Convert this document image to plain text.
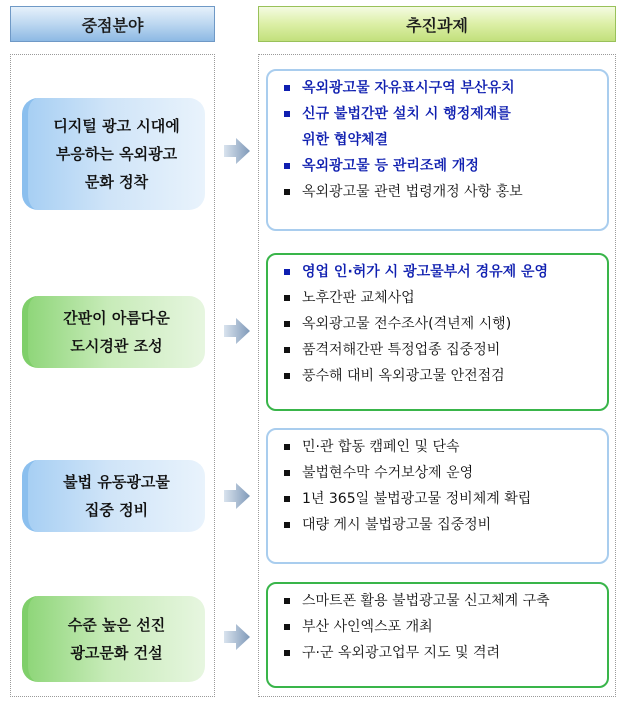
중점분야	추진과제
디지털 광고 시대에
부응하는 옥외광고
문화 정착
옥외광고물 자유표시구역 부산유치
신규 불법간판 설치 시 행정제재를
위한 협약체결
옥외광고물 등 관리조례 개정
옥외광고물 관련 법령개정 사항 홍보
간판이 아름다운
도시경관 조성
영업 인·허가 시 광고물부서 경유제 운영
노후간판 교체사업
옥외광고물 전수조사(격년제 시행)
품격저해간판 특정업종 집중정비
풍수해 대비 옥외광고물 안전점검
불법 유동광고물
집중 정비
민·관 합동 캠페인 및 단속
불법현수막 수거보상제 운영
1년 365일 불법광고물 정비체계 확립
대량 게시 불법광고물 집중정비
수준 높은 선진
광고문화 건설
스마트폰 활용 불법광고물 신고체계 구축
부산 사인엑스포 개최
구·군 옥외광고업무 지도 및 격려
